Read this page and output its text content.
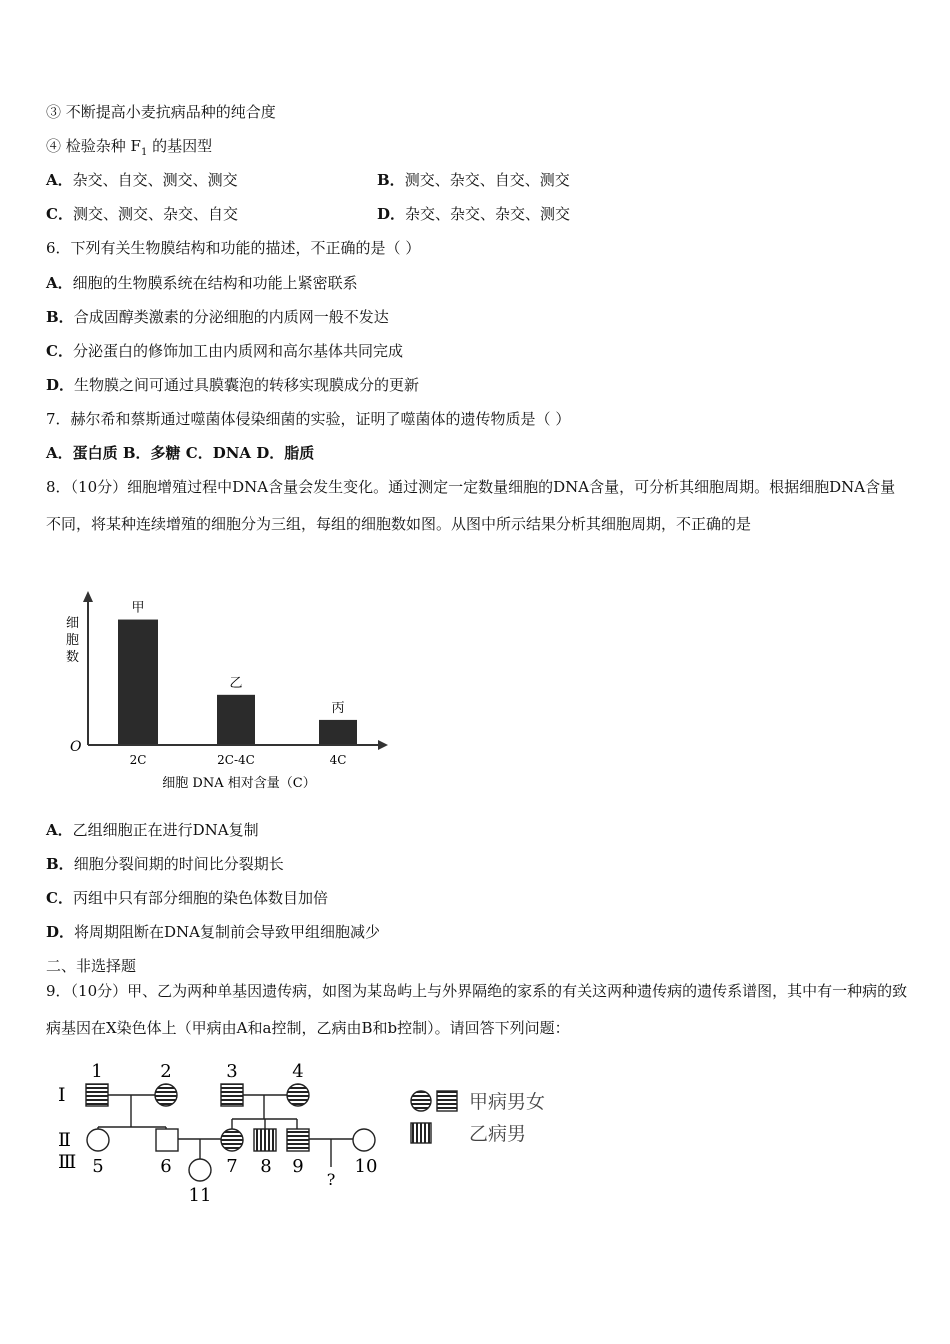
③ 不断提高小麦抗病品种的纯合度
④ 检验杂种 $F_1$ 的基因型
A．杂交、自交、测交、测交	B．测交、杂交、自交、测交
C．测交、测交、杂交、自交	D．杂交、杂交、杂交、测交
6．下列有关生物膜结构和功能的描述，不正确的是（ ）
A．细胞的生物膜系统在结构和功能上紧密联系
B．合成固醇类激素的分泌细胞的内质网一般不发达
C．分泌蛋白的修饰加工由内质网和高尔基体共同完成
D．生物膜之间可通过具膜囊泡的转移实现膜成分的更新
7．赫尔希和蔡斯通过噬菌体侵染细菌的实验，证明了噬菌体的遗传物质是（ ）
A．蛋白质 B．多糖 C．DNA D．脂质
8．（10分）细胞增殖过程中DNA含量会发生变化。通过测定一定数量细胞的DNA含量，可分析其细胞周期。根据细胞DNA含量不同，将某种连续增殖的细胞分为三组，每组的细胞数如图。从图中所示结果分析其细胞周期，不正确的是
甲
2C
乙
2C-4C
丙
4C
O
细胞数
细胞 DNA 相对含量（C）
A．乙组细胞正在进行DNA复制
B．细胞分裂间期的时间比分裂期长
C．丙组中只有部分细胞的染色体数目加倍
D．将周期阻断在DNA复制前会导致甲组细胞减少
二、非选择题
9．（10分）甲、乙为两种单基因遗传病，如图为某岛屿上与外界隔绝的家系的有关这两种遗传病的遗传系谱图，其中有一种病的致病基因在X染色体上（甲病由A和a控制，乙病由B和b控制）。请回答下列问题：
Ⅰ
Ⅱ
Ⅲ
1	2	3	4
5	6	7 8 9	10
11
?
甲病男女
乙病男
